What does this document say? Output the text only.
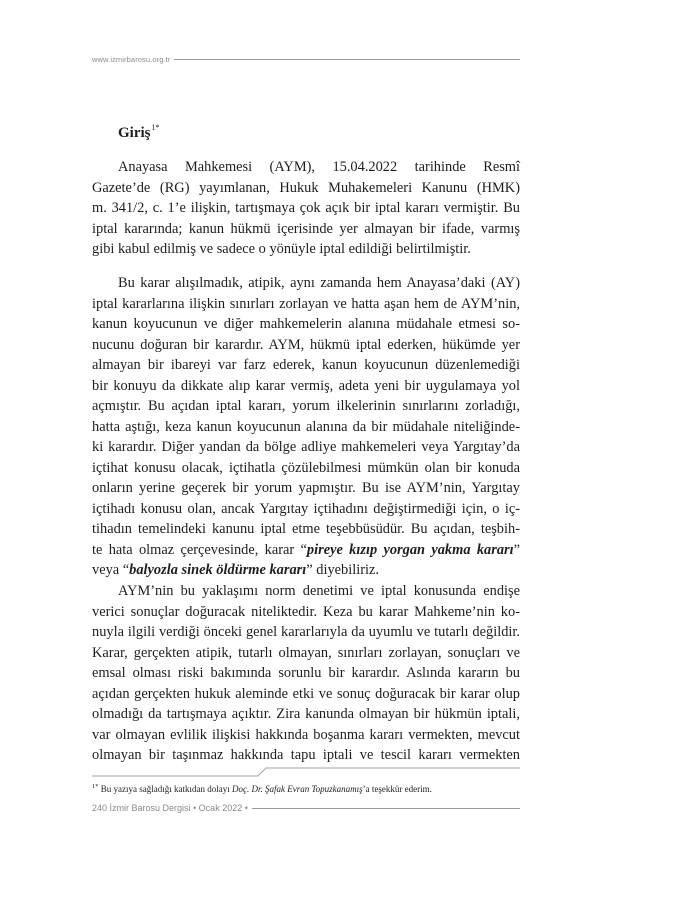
www.izmirbarosu.org.tr
Giriş$^{1*}$
Anayasa Mahkemesi (AYM), 15.04.2022 tarihinde Resmî
Gazete’de (RG) yayımlanan, Hukuk Muhakemeleri Kanunu (HMK)
m. 341/2, c. 1’e ilişkin, tartışmaya çok açık bir iptal kararı vermiştir. Bu
iptal kararında; kanun hükmü içerisinde yer almayan bir ifade, varmış
gibi kabul edilmiş ve sadece o yönüyle iptal edildiği belirtilmiştir.
Bu karar alışılmadık, atipik, aynı zamanda hem Anayasa’daki (AY)
iptal kararlarına ilişkin sınırları zorlayan ve hatta aşan hem de AYM’nin,
kanun koyucunun ve diğer mahkemelerin alanına müdahale etmesi so-
nucunu doğuran bir karardır. AYM, hükmü iptal ederken, hükümde yer
almayan bir ibareyi var farz ederek, kanun koyucunun düzenlemediği
bir konuyu da dikkate alıp karar vermiş, adeta yeni bir uygulamaya yol
açmıştır. Bu açıdan iptal kararı, yorum ilkelerinin sınırlarını zorladığı,
hatta aştığı, keza kanun koyucunun alanına da bir müdahale niteliğinde-
ki karardır. Diğer yandan da bölge adliye mahkemeleri veya Yargıtay’da
içtihat konusu olacak, içtihatla çözülebilmesi mümkün olan bir konuda
onların yerine geçerek bir yorum yapmıştır. Bu ise AYM’nin, Yargıtay
içtihadı konusu olan, ancak Yargıtay içtihadını değiştirmediği için, o iç-
tihadın temelindeki kanunu iptal etme teşebbüsüdür. Bu açıdan, teşbih-
te hata olmaz çerçevesinde, karar “pireye kızıp yorgan yakma kararı”
veya “balyozla sinek öldürme kararı” diyebiliriz.
AYM’nin bu yaklaşımı norm denetimi ve iptal konusunda endişe
verici sonuçlar doğuracak niteliktedir. Keza bu karar Mahkeme’nin ko-
nuyla ilgili verdiği önceki genel kararlarıyla da uyumlu ve tutarlı değildir.
Karar, gerçekten atipik, tutarlı olmayan, sınırları zorlayan, sonuçları ve
emsal olması riski bakımında sorunlu bir karardır. Aslında kararın bu
açıdan gerçekten hukuk aleminde etki ve sonuç doğuracak bir karar olup
olmadığı da tartışmaya açıktır. Zira kanunda olmayan bir hükmün iptali,
var olmayan evlilik ilişkisi hakkında boşanma kararı vermekten, mevcut
olmayan bir taşınmaz hakkında tapu iptali ve tescil kararı vermekten

$^{1*}$ Bu yazıya sağladığı katkıdan dolayı Doç. Dr. Şafak Evran Topuzkanamış’a teşekkür ederim.

240 İzmir Barosu Dergisi • Ocak 2022 •
